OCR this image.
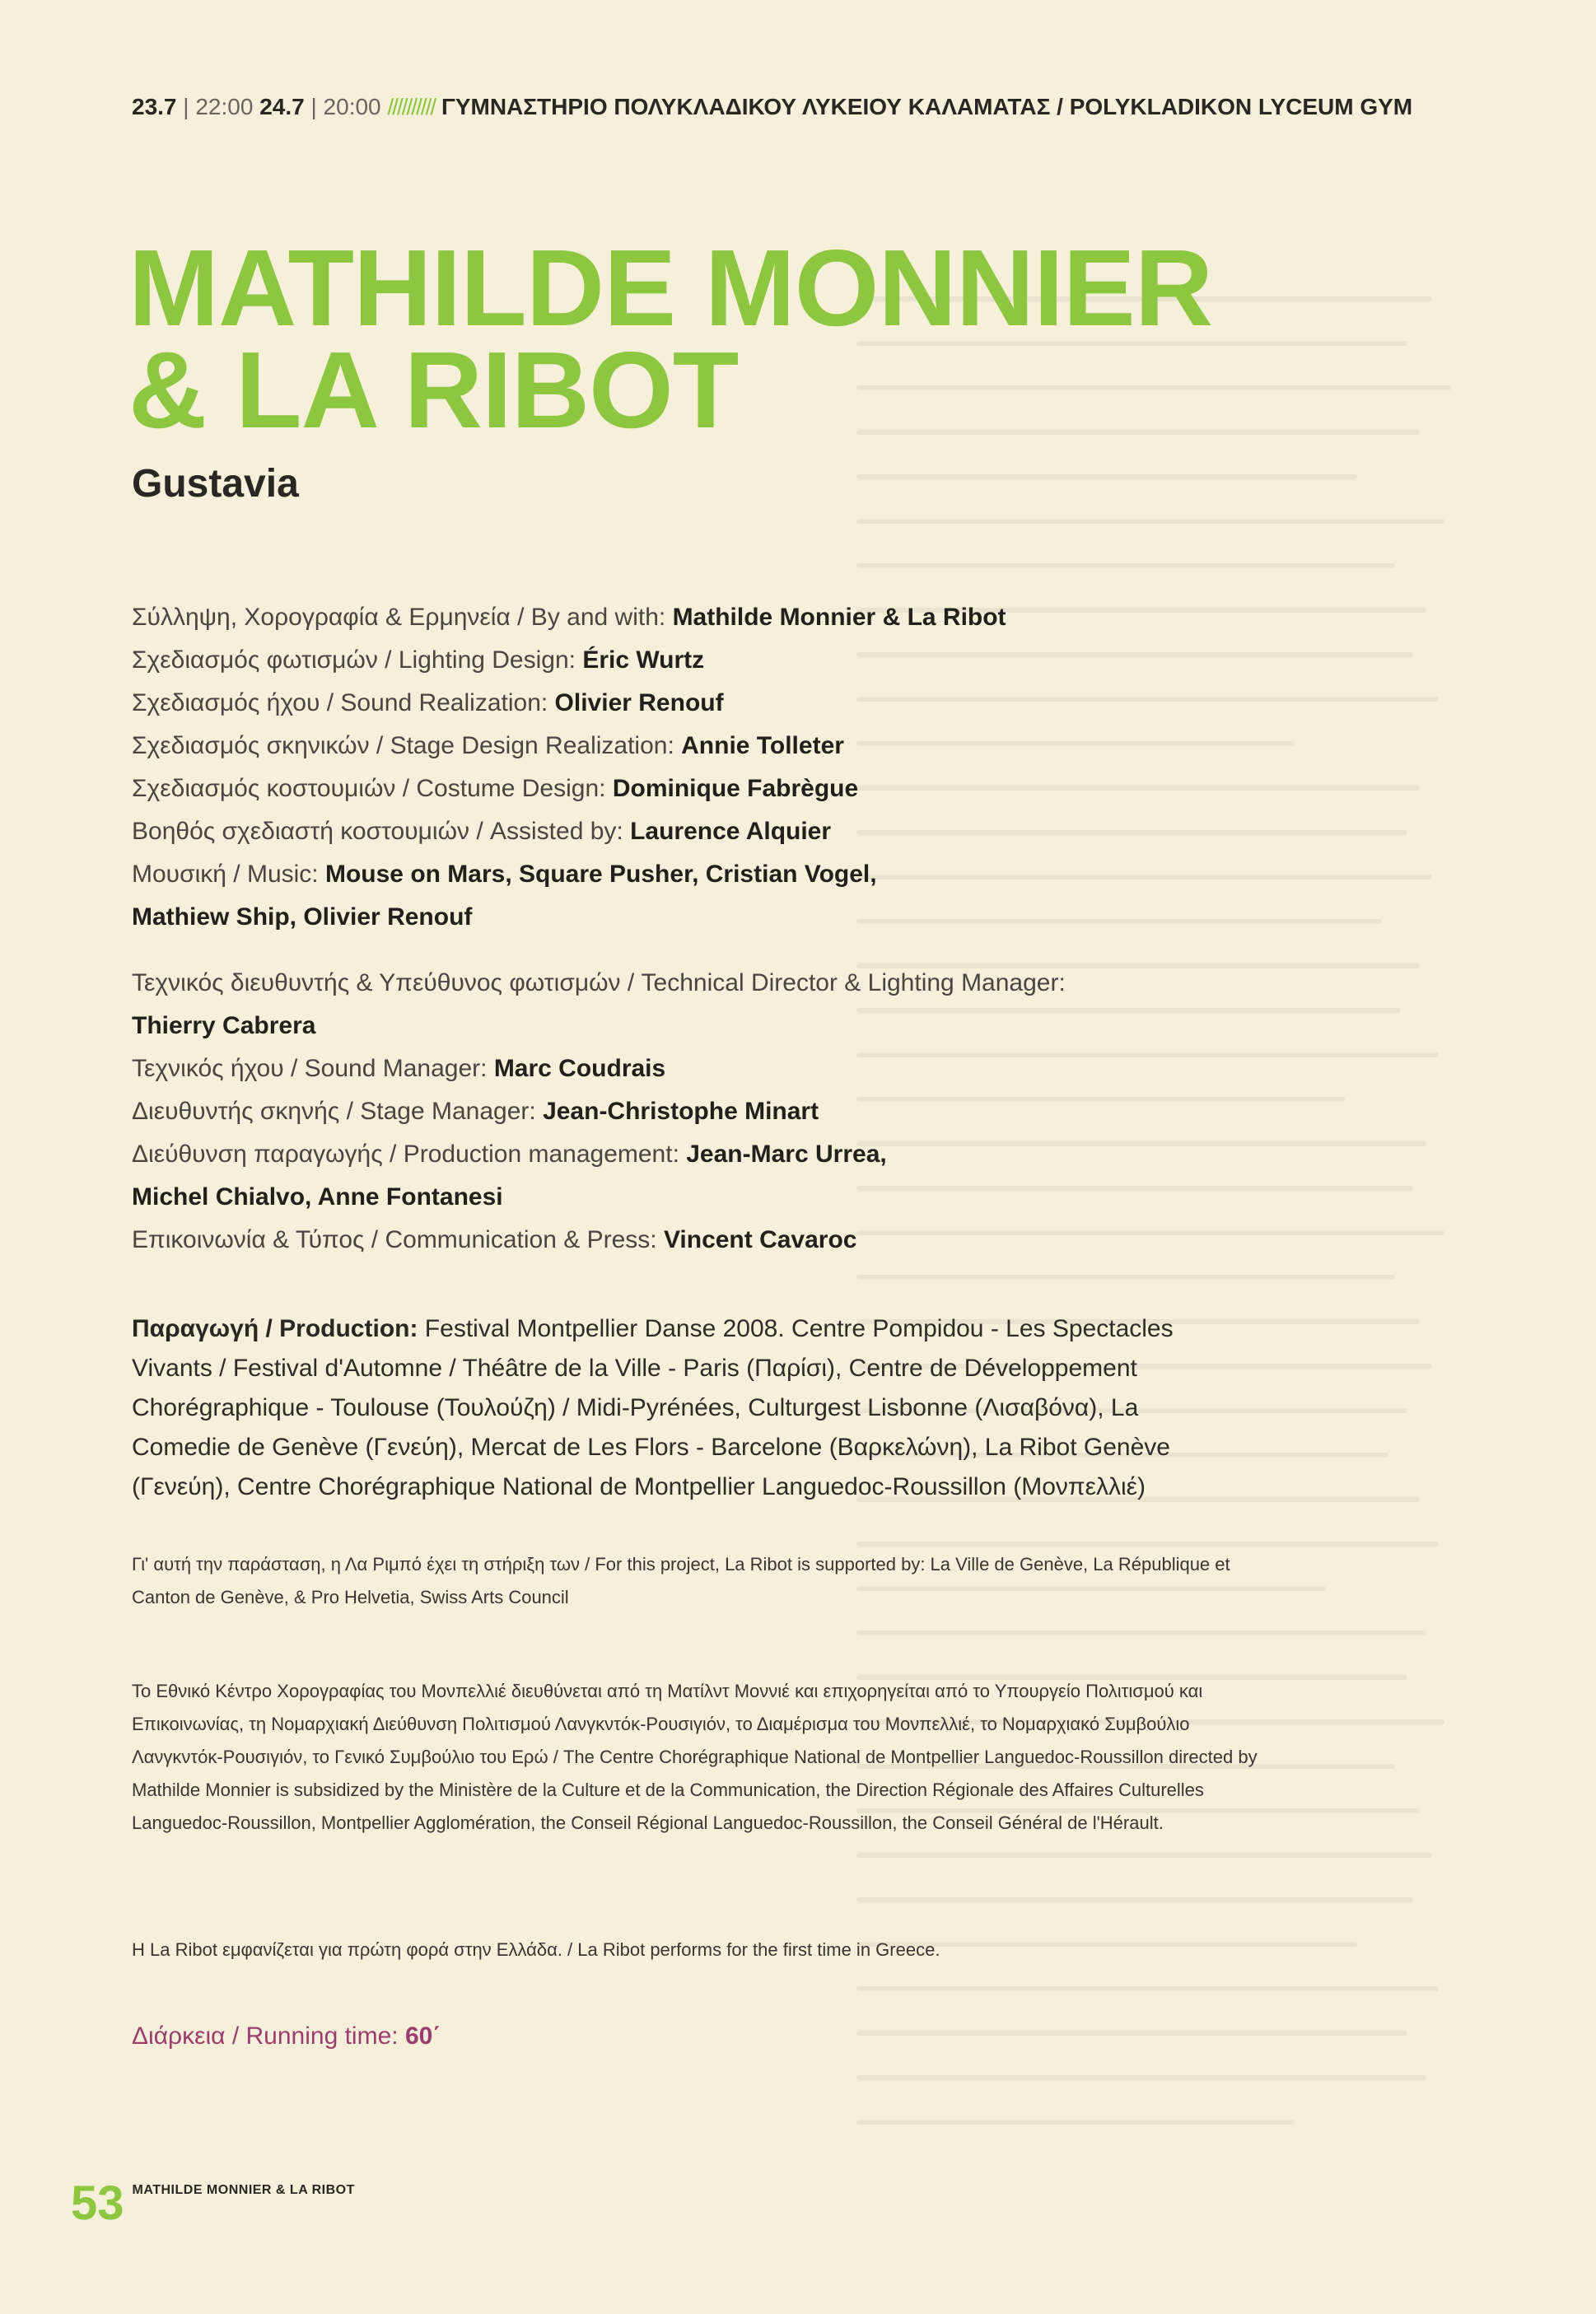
23.7 | 22:00 24.7 | 20:00 ////////// ΓΥΜΝΑΣΤΗΡΙΟ ΠΟΛΥΚΛΑΔΙΚΟΥ ΛΥΚΕΙΟΥ ΚΑΛΑΜΑΤΑΣ / POLYKLADIKON LYCEUM GYM
MATHILDE MONNIER
& LA RIBOT
Gustavia
Σύλληψη, Χορογραφία & Ερμηνεία / By and with: Mathilde Monnier & La Ribot
Σχεδιασμός φωτισμών / Lighting Design: Éric Wurtz
Σχεδιασμός ήχου / Sound Realization: Olivier Renouf
Σχεδιασμός σκηνικών / Stage Design Realization: Annie Tolleter
Σχεδιασμός κοστουμιών / Costume Design: Dominique Fabrègue
Βοηθός σχεδιαστή κοστουμιών / Assisted by: Laurence Alquier
Μουσική / Music: Mouse on Mars, Square Pusher, Cristian Vogel,
Mathiew Ship, Olivier Renouf
Τεχνικός διευθυντής & Υπεύθυνος φωτισμών / Technical Director & Lighting Manager:
Thierry Cabrera
Τεχνικός ήχου / Sound Manager: Marc Coudrais
Διευθυντής σκηνής / Stage Manager: Jean-Christophe Minart
Διεύθυνση παραγωγής / Production management: Jean-Marc Urrea,
Michel Chialvo, Anne Fontanesi
Επικοινωνία & Τύπος / Communication & Press: Vincent Cavaroc
Παραγωγή / Production: Festival Montpellier Danse 2008. Centre Pompidou - Les Spectacles Vivants / Festival d'Automne / Théâtre de la Ville - Paris (Παρίσι), Centre de Développement Chorégraphique - Toulouse (Τουλούζη) / Midi-Pyrénées, Culturgest Lisbonne (Λισαβόνα), La Comedie de Genève (Γενεύη), Mercat de Les Flors - Barcelone (Βαρκελώνη), La Ribot Genève (Γενεύη), Centre Chorégraphique National de Montpellier Languedoc-Roussillon (Μονπελλιέ)
Γι' αυτή την παράσταση, η Λα Ριμπό έχει τη στήριξη των / For this project, La Ribot is supported by: La Ville de Genève, La République et Canton de Genève, & Pro Helvetia, Swiss Arts Council
Το Εθνικό Κέντρο Χορογραφίας του Μονπελλιέ διευθύνεται από τη Ματίλντ Μοννιέ και επιχορηγείται από το Υπουργείο Πολιτισμού και Επικοινωνίας, τη Νομαρχιακή Διεύθυνση Πολιτισμού Λανγκντόκ-Ρουσιγιόν, το Διαμέρισμα του Μονπελλιέ, το Νομαρχιακό Συμβούλιο Λανγκντόκ-Ρουσιγιόν, το Γενικό Συμβούλιο του Ερώ / The Centre Chorégraphique National de Montpellier Languedoc-Roussillon directed by Mathilde Monnier is subsidized by the Ministère de la Culture et de la Communication, the Direction Régionale des Affaires Culturelles Languedoc-Roussillon, Montpellier Agglomération, the Conseil Régional Languedoc-Roussillon, the Conseil Général de l'Hérault.
Η La Ribot εμφανίζεται για πρώτη φορά στην Ελλάδα. / La Ribot performs for the first time in Greece.
Διάρκεια / Running time: 60΄
53 MATHILDE MONNIER & LA RIBOT
